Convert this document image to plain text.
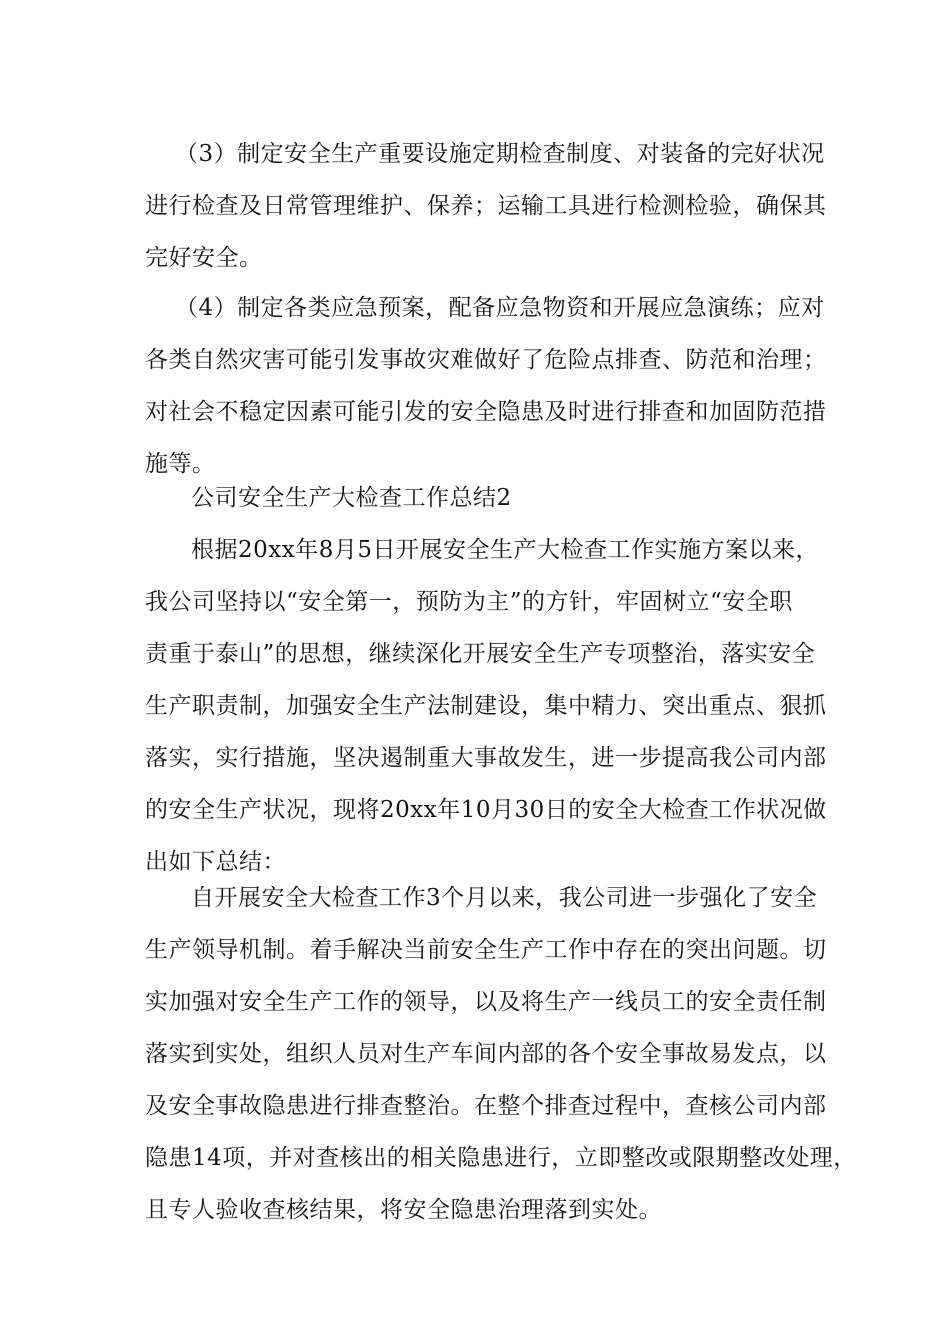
（3）制定安全生产重要设施定期检查制度、对装备的完好状况
进行检查及日常管理维护、保养；运输工具进行检测检验，确保其
完好安全。
（4）制定各类应急预案，配备应急物资和开展应急演练；应对
各类自然灾害可能引发事故灾难做好了危险点排查、防范和治理；
对社会不稳定因素可能引发的安全隐患及时进行排查和加固防范措
施等。
公司安全生产大检查工作总结2
根据20xx年8月5日开展安全生产大检查工作实施方案以来，
我公司坚持以“安全第一，预防为主”的方针，牢固树立“安全职
责重于泰山”的思想，继续深化开展安全生产专项整治，落实安全
生产职责制，加强安全生产法制建设，集中精力、突出重点、狠抓
落实，实行措施，坚决遏制重大事故发生，进一步提高我公司内部
的安全生产状况，现将20xx年10月30日的安全大检查工作状况做
出如下总结：
自开展安全大检查工作3个月以来，我公司进一步强化了安全
生产领导机制。着手解决当前安全生产工作中存在的突出问题。切
实加强对安全生产工作的领导，以及将生产一线员工的安全责任制
落实到实处，组织人员对生产车间内部的各个安全事故易发点，以
及安全事故隐患进行排查整治。在整个排查过程中，查核公司内部
隐患14项，并对查核出的相关隐患进行，立即整改或限期整改处理，
且专人验收查核结果，将安全隐患治理落到实处。
